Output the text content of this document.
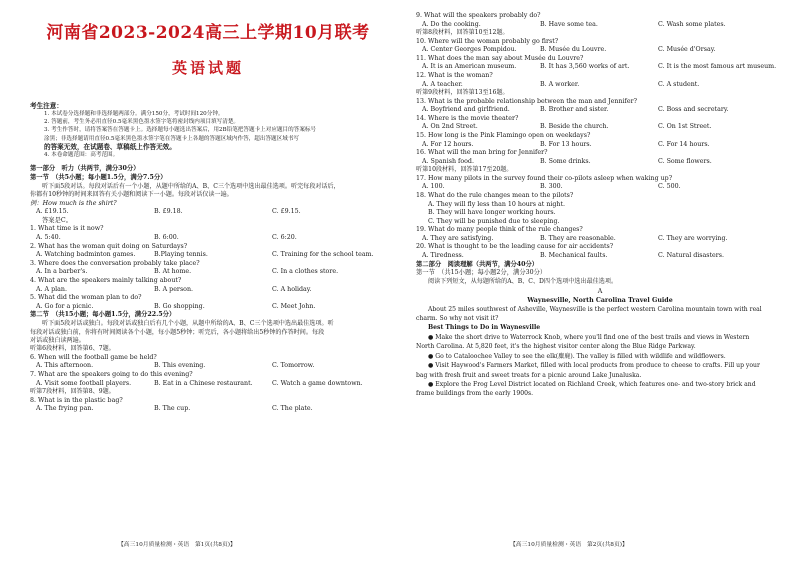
河南省2023-2024高三上学期10月联考
英语试题
考生注意：
1. 本试卷分选择题和非选择题两部分。满分150分，考试时间120分钟。
2. 答题前，考生务必用直径0.5毫米黑色墨水签字笔将密封线内项目填写清楚。
3. 考生作答时，请将答案答在答题卡上。选择题每小题选出答案后，用2B铅笔把答题卡上对应题目的答案标号
涂黑；非选择题请用直径0.5毫米黑色墨水签字笔在答题卡上各题的答题区域内作答，超出答题区域书写
的答案无效，在试题卷、草稿纸上作答无效。
4. 本卷命题范围：高考范围。
第一部分　听力（共两节，满分30分）
第一节　（共5小题；每小题1.5分，满分7.5分）
听下面5段对话。每段对话后有一个小题，从题中所给的A、B、C三个选项中选出最佳选项。听完每段对话后，
你都有10秒钟的时间来回答有关小题和阅读下一小题。每段对话仅读一遍。
例：How much is the shirt?
A. £19.15.	B. £9.18.	C. £9.15.
答案是C。
1. What time is it now?
A. 5:40.	B. 6:00.	C. 6:20.
2. What has the woman quit doing on Saturdays?
A. Watching badminton games.	B.Playing tennis.	C. Training for the school team.
3. Where does the conversation probably take place?
A. In a barber's.	B. At home.	C. In a clothes store.
4. What are the speakers mainly talking about?
A. A plan.	B. A person.	C. A holiday.
5. What did the woman plan to do?
A. Go for a picnic.	B. Go shopping.	C. Meet John.
第二节　（共15小题；每小题1.5分，满分22.5分）
听下面5段对话或独白。每段对话或独白后有几个小题，从题中所给的A、B、C三个选项中选出最佳选项。听
每段对话或独白前，你将有时间阅读各个小题，每小题5秒钟；听完后，各小题将给出5秒钟的作答时间。每段
对话或独白读两遍。
听第6段材料，回答第6、7题。
6. When will the football game be held?
A. This afternoon.	B. This evening.	C. Tomorrow.
7. What are the speakers going to do this evening?
A. Visit some football players.	B. Eat in a Chinese restaurant.	C. Watch a game downtown.
听第7段材料，回答第8、9题。
8. What is in the plastic bag?
A. The frying pan.	B. The cup.	C. The plate.
【高三10月质量检测・英语　第1页(共8页)】
9. What will the speakers probably do?
A. Do the cooking.	B. Have some tea.	C. Wash some plates.
听第8段材料，回答第10至12题。
10. Where will the woman probably go first?
A. Center Georges Pompidou.	B. Musée du Louvre.	C. Musée d'Orsay.
11. What does the man say about Musée du Louvre?
A. It is an American museum.	B. It has 3,560 works of art.	C. It is the most famous art museum.
12. What is the woman?
A. A teacher.	B. A worker.	C. A student.
听第9段材料，回答第13至16题。
13. What is the probable relationship between the man and Jennifer?
A. Boyfriend and girlfriend.	B. Brother and sister.	C. Boss and secretary.
14. Where is the movie theater?
A. On 2nd Street.	B. Beside the church.	C. On 1st Street.
15. How long is the Pink Flamingo open on weekdays?
A. For 12 hours.	B. For 13 hours.	C. For 14 hours.
16. What will the man bring for Jennifer?
A. Spanish food.	B. Some drinks.	C. Some flowers.
听第10段材料，回答第17至20题。
17. How many pilots in the survey found their co-pilots asleep when waking up?
A. 100.	B. 300.	C. 500.
18. What do the rule changes mean to the pilots?
A. They will fly less than 10 hours at night.
B. They will have longer working hours.
C. They will be punished due to sleeping.
19. What do many people think of the rule changes?
A. They are satisfying.	B. They are reasonable.	C. They are worrying.
20. What is thought to be the leading cause for air accidents?
A. Tiredness.	B. Mechanical faults.	C. Natural disasters.
第二部分　阅读理解（共两节，满分40分）
第一节　（共15小题；每小题2分，满分30分）
阅读下列短文，从每题所给的A、B、C、D四个选项中选出最佳选项。
A
Waynesville, North Carolina Travel Guide
About 25 miles southwest of Asheville, Waynesville is the perfect western Carolina mountain town with real
charm. So why not visit it?
Best Things to Do in Waynesville
● Make the short drive to Waterrock Knob, where you'll find one of the best trails and views in Western
North Carolina. At 5,820 feet, it's the highest visitor center along the Blue Ridge Parkway.
● Go to Cataloochee Valley to see the elk(麋鹿). The valley is filled with wildlife and wildflowers.
● Visit Haywood's Farmers Market, filled with local products from produce to cheese to crafts. Fill up your
bag with fresh fruit and sweet treats for a picnic around Lake Junaluska.
● Explore the Frog Level District located on Richland Creek, which features one- and two-story brick and
frame buildings from the early 1900s.
【高三10月质量检测・英语　第2页(共8页)】
